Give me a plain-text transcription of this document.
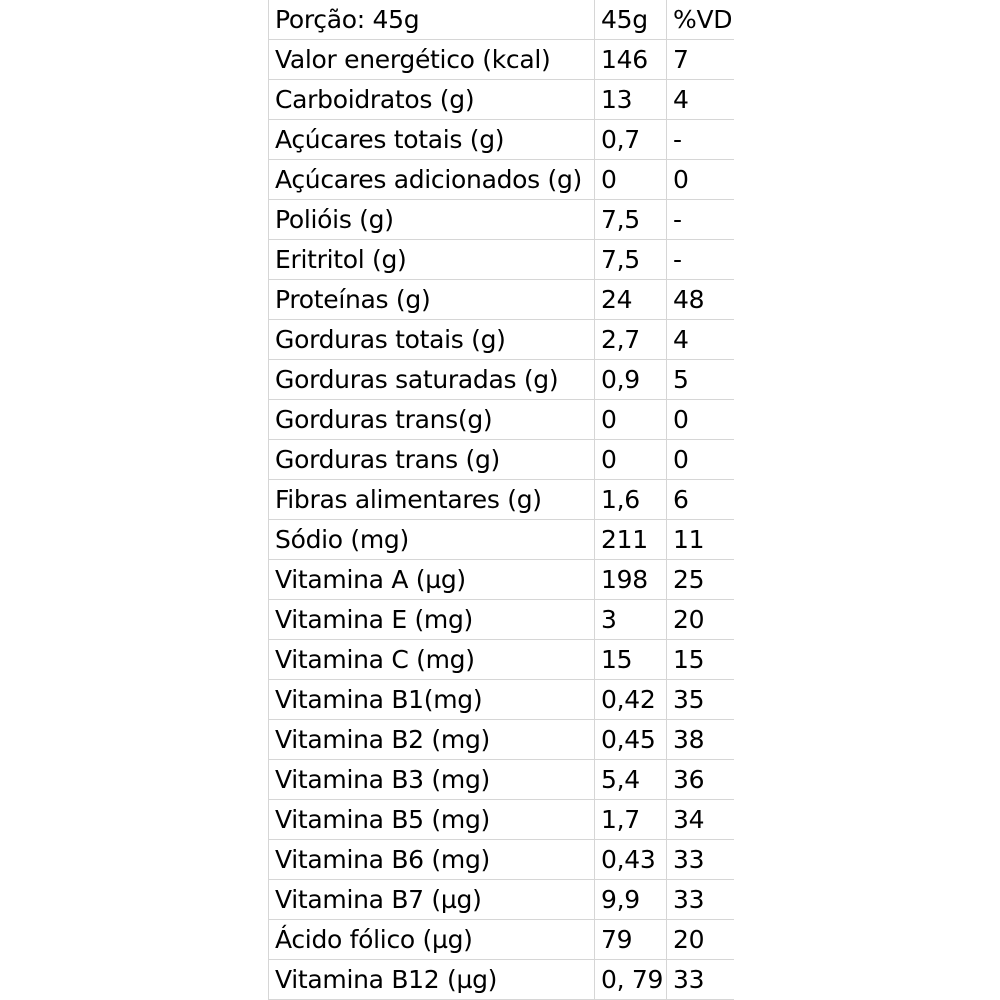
Porção: 45g	45g	%VD
Valor energético (kcal)	146	7
Carboidratos (g)	13	4
Açúcares totais (g)	0,7	-
Açúcares adicionados (g)	0	0
Polióis (g)	7,5	-
Eritritol (g)	7,5	-
Proteínas (g)	24	48
Gorduras totais (g)	2,7	4
Gorduras saturadas (g)	0,9	5
Gorduras trans(g)	0	0
Gorduras trans (g)	0	0
Fibras alimentares (g)	1,6	6
Sódio (mg)	211	11
Vitamina A (µg)	198	25
Vitamina E (mg)	3	20
Vitamina C (mg)	15	15
Vitamina B1(mg)	0,42	35
Vitamina B2 (mg)	0,45	38
Vitamina B3 (mg)	5,4	36
Vitamina B5 (mg)	1,7	34
Vitamina B6 (mg)	0,43	33
Vitamina B7 (µg)	9,9	33
Ácido fólico (µg)	79	20
Vitamina B12 (µg)	0, 79	33
